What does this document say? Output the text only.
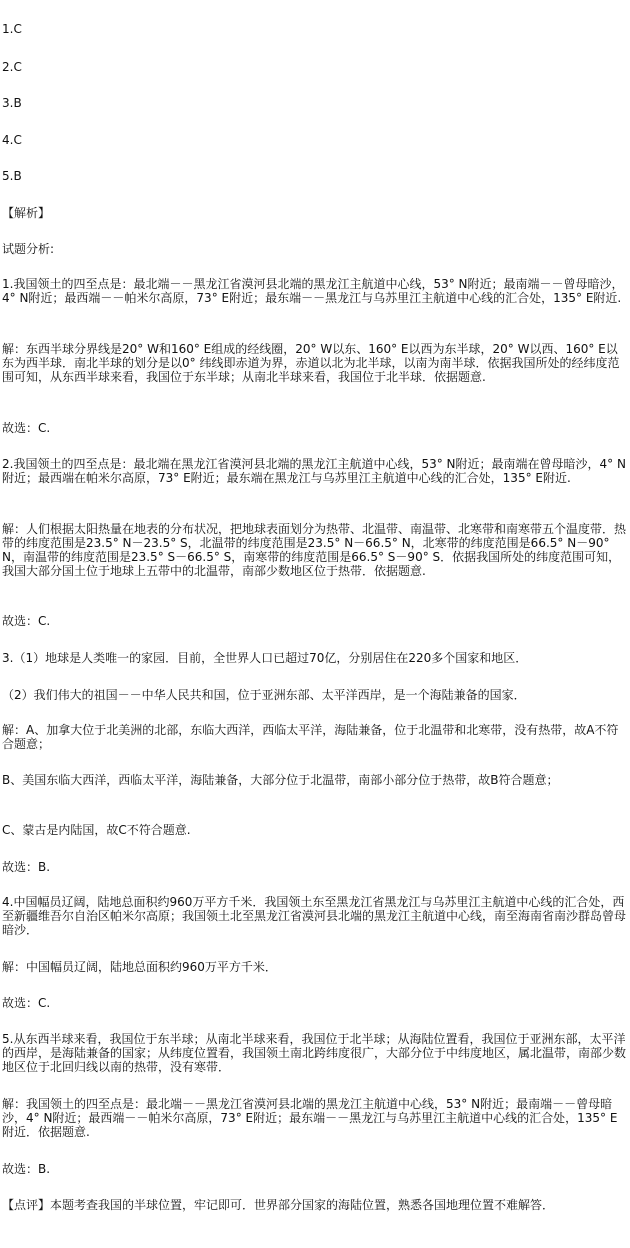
1.C
2.C
3.B
4.C
5.B
【解析】
试题分析:
1.我国领土的四至点是：最北端－－黑龙江省漠河县北端的黑龙江主航道中心线，53° N附近；最南端－－曾母暗沙，4° N附近；最西端－－帕米尔高原，73° E附近；最东端－－黑龙江与乌苏里江主航道中心线的汇合处，135° E附近.
解：东西半球分界线是20° W和160° E组成的经线圈，20° W以东、160° E以西为东半球，20° W以西、160° E以东为西半球．南北半球的划分是以0° 纬线即赤道为界，赤道以北为北半球，以南为南半球．依据我国所处的经纬度范围可知，从东西半球来看，我国位于东半球；从南北半球来看，我国位于北半球．依据题意.
故选：C.
2.我国领土的四至点是：最北端在黑龙江省漠河县北端的黑龙江主航道中心线，53° N附近；最南端在曾母暗沙，4° N附近；最西端在帕米尔高原，73° E附近；最东端在黑龙江与乌苏里江主航道中心线的汇合处，135° E附近.
解：人们根据太阳热量在地表的分布状况，把地球表面划分为热带、北温带、南温带、北寒带和南寒带五个温度带．热带的纬度范围是23.5° N－23.5° S，北温带的纬度范围是23.5° N－66.5° N，北寒带的纬度范围是66.5° N－90° N，南温带的纬度范围是23.5° S－66.5° S，南寒带的纬度范围是66.5° S－90° S．依据我国所处的纬度范围可知，我国大部分国土位于地球上五带中的北温带，南部少数地区位于热带．依据题意.
故选：C.
3.（1）地球是人类唯一的家园．目前，全世界人口已超过70亿，分别居住在220多个国家和地区．
（2）我们伟大的祖国－－中华人民共和国，位于亚洲东部、太平洋西岸，是一个海陆兼备的国家．
解：A、加拿大位于北美洲的北部，东临大西洋，西临太平洋，海陆兼备，位于北温带和北寒带，没有热带，故A不符合题意；
B、美国东临大西洋，西临太平洋，海陆兼备，大部分位于北温带，南部小部分位于热带，故B符合题意；
C、蒙古是内陆国，故C不符合题意.
故选：B.
4.中国幅员辽阔，陆地总面积约960万平方千米．我国领土东至黑龙江省黑龙江与乌苏里江主航道中心线的汇合处，西至新疆维吾尔自治区帕米尔高原；我国领土北至黑龙江省漠河县北端的黑龙江主航道中心线，南至海南省南沙群岛曾母暗沙．
解：中国幅员辽阔，陆地总面积约960万平方千米．
故选：C.
5.从东西半球来看，我国位于东半球；从南北半球来看，我国位于北半球；从海陆位置看，我国位于亚洲东部，太平洋的西岸，是海陆兼备的国家；从纬度位置看，我国领土南北跨纬度很广，大部分位于中纬度地区，属北温带，南部少数地区位于北回归线以南的热带，没有寒带．
解：我国领土的四至点是：最北端－－黑龙江省漠河县北端的黑龙江主航道中心线，53° N附近；最南端－－曾母暗沙，4° N附近；最西端－－帕米尔高原，73° E附近；最东端－－黑龙江与乌苏里江主航道中心线的汇合处，135° E附近．依据题意.
故选：B.
【点评】本题考查我国的半球位置，牢记即可．世界部分国家的海陆位置，熟悉各国地理位置不难解答．
